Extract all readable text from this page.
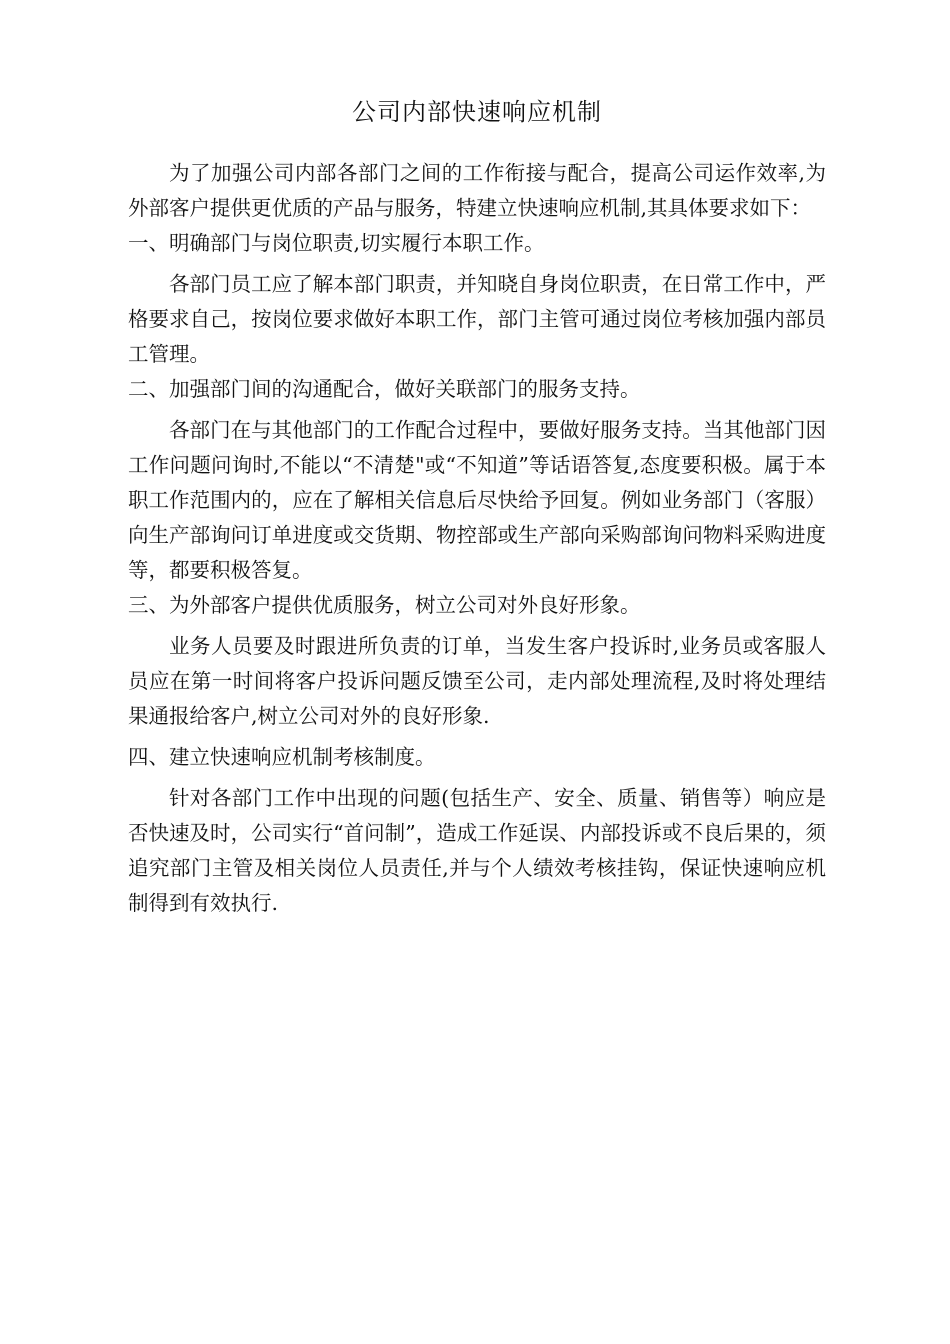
公司内部快速响应机制

为了加强公司内部各部门之间的工作衔接与配合，提高公司运作效率,为外部客户提供更优质的产品与服务，特建立快速响应机制,其具体要求如下：

一、明确部门与岗位职责,切实履行本职工作。

各部门员工应了解本部门职责，并知晓自身岗位职责，在日常工作中，严格要求自己，按岗位要求做好本职工作，部门主管可通过岗位考核加强内部员工管理。

二、加强部门间的沟通配合，做好关联部门的服务支持。

各部门在与其他部门的工作配合过程中，要做好服务支持。当其他部门因工作问题问询时,不能以“不清楚"或“不知道”等话语答复,态度要积极。属于本职工作范围内的，应在了解相关信息后尽快给予回复。例如业务部门（客服）向生产部询问订单进度或交货期、物控部或生产部向采购部询问物料采购进度等，都要积极答复。

三、为外部客户提供优质服务，树立公司对外良好形象。

业务人员要及时跟进所负责的订单，当发生客户投诉时,业务员或客服人员应在第一时间将客户投诉问题反馈至公司，走内部处理流程,及时将处理结果通报给客户,树立公司对外的良好形象.

四、建立快速响应机制考核制度。

针对各部门工作中出现的问题(包括生产、安全、质量、销售等）响应是否快速及时，公司实行“首问制”，造成工作延误、内部投诉或不良后果的，须追究部门主管及相关岗位人员责任,并与个人绩效考核挂钩，保证快速响应机制得到有效执行.
